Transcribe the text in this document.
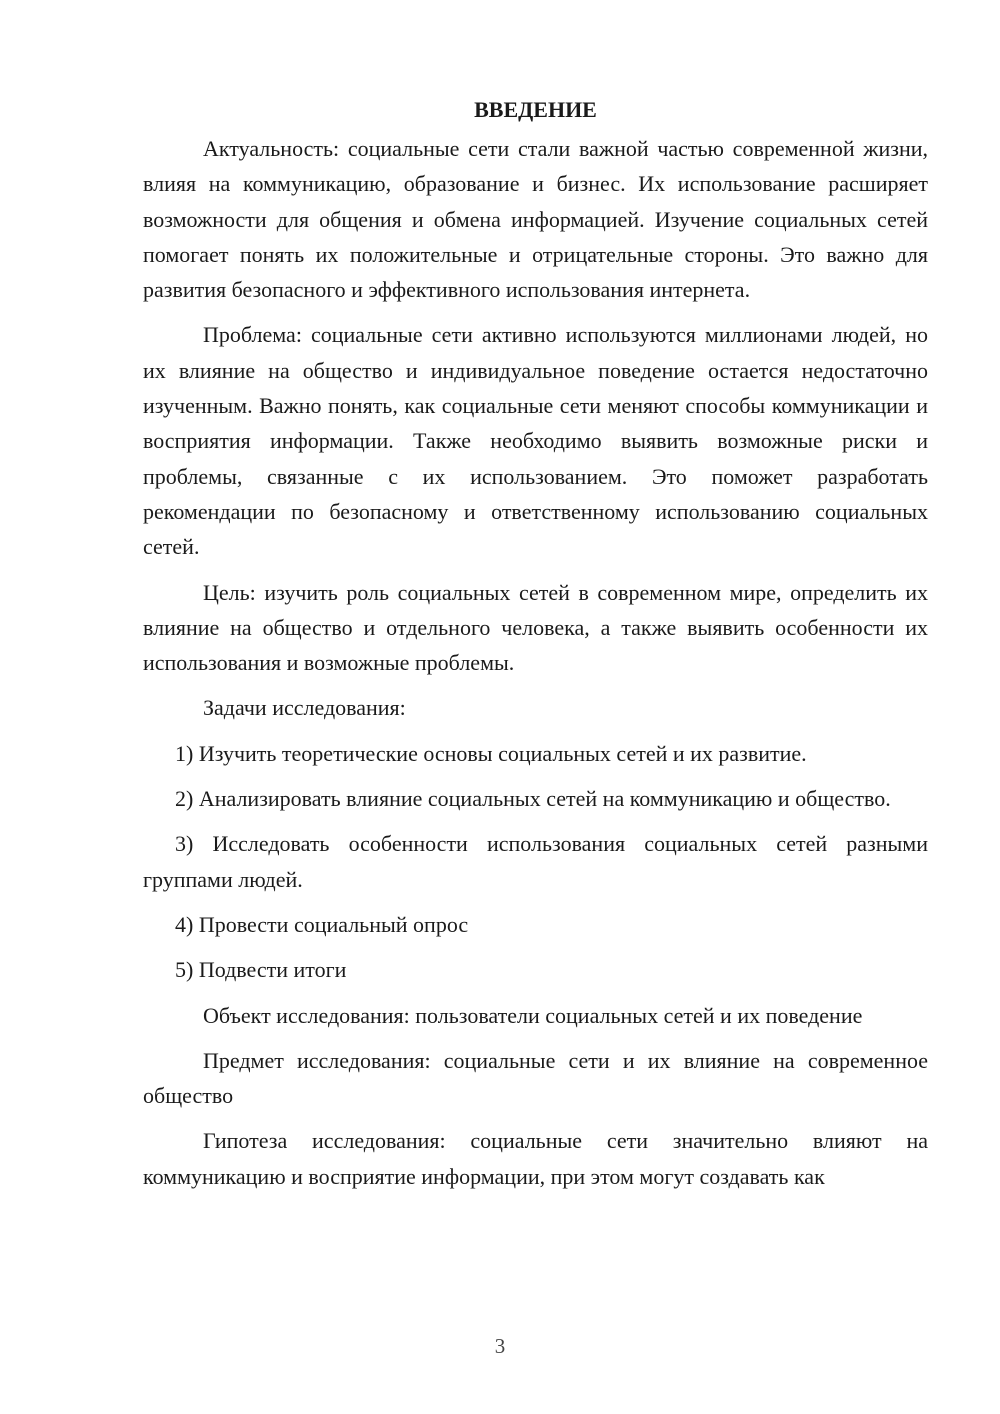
ВВЕДЕНИЕ

Актуальность: социальные сети стали важной частью современной жизни, влияя на коммуникацию, образование и бизнес. Их использование расширяет возможности для общения и обмена информацией. Изучение социальных сетей помогает понять их положительные и отрицательные стороны. Это важно для развития безопасного и эффективного использования интернета.

Проблема: социальные сети активно используются миллионами людей, но их влияние на общество и индивидуальное поведение остается недостаточно изученным. Важно понять, как социальные сети меняют способы коммуникации и восприятия информации. Также необходимо выявить возможные риски и проблемы, связанные с их использованием. Это поможет разработать рекомендации по безопасному и ответственному использованию социальных сетей.

Цель: изучить роль социальных сетей в современном мире, определить их влияние на общество и отдельного человека, а также выявить особенности их использования и возможные проблемы.

Задачи исследования:

1) Изучить теоретические основы социальных сетей и их развитие.

2) Анализировать влияние социальных сетей на коммуникацию и общество.

3) Исследовать особенности использования социальных сетей разными группами людей.

4) Провести социальный опрос

5) Подвести итоги

Объект исследования: пользователи социальных сетей и их поведение

Предмет исследования: социальные сети и их влияние на современное общество

Гипотеза исследования: социальные сети значительно влияют на коммуникацию и восприятие информации, при этом могут создавать как

3
